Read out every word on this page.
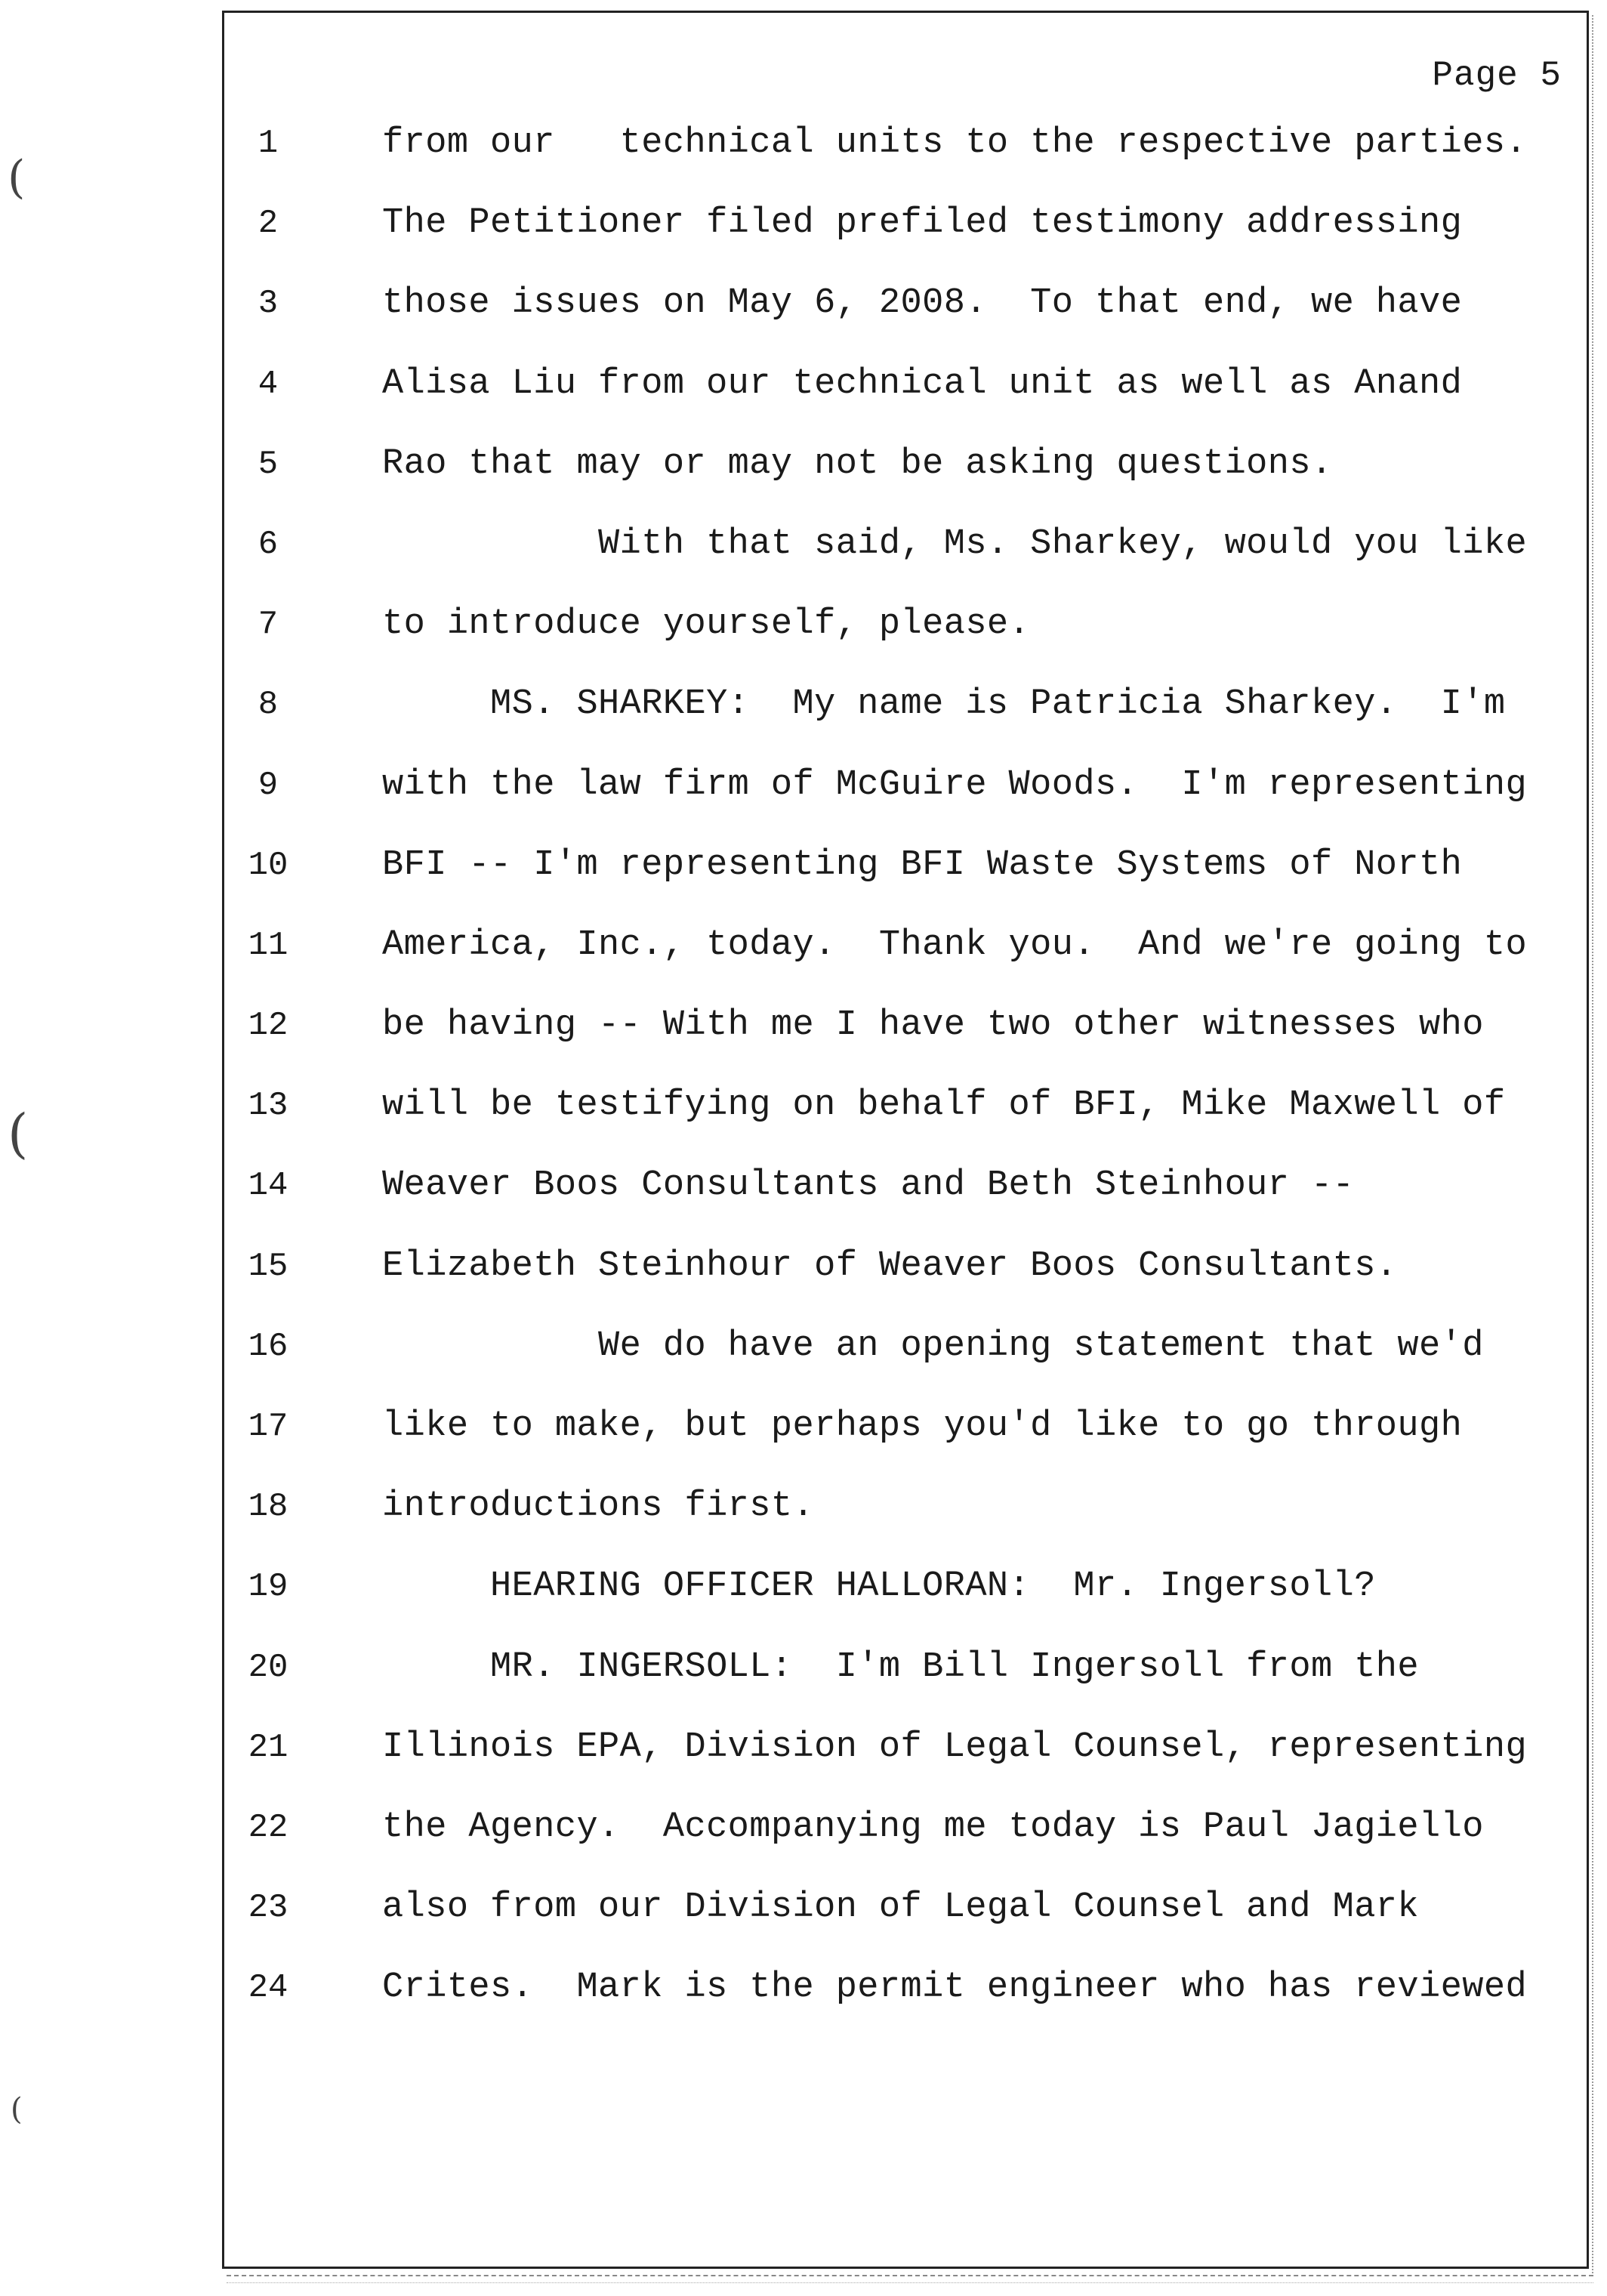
(
(
(
Page 5
1	from our   technical units to the respective parties.
2	The Petitioner filed prefiled testimony addressing
3	those issues on May 6, 2008.  To that end, we have
4	Alisa Liu from our technical unit as well as Anand
5	Rao that may or may not be asking questions.
6	With that said, Ms. Sharkey, would you like
7	to introduce yourself, please.
8	MS. SHARKEY:  My name is Patricia Sharkey.  I'm
9	with the law firm of McGuire Woods.  I'm representing
10	BFI -- I'm representing BFI Waste Systems of North
11	America, Inc., today.  Thank you.  And we're going to
12	be having -- With me I have two other witnesses who
13	will be testifying on behalf of BFI, Mike Maxwell of
14	Weaver Boos Consultants and Beth Steinhour --
15	Elizabeth Steinhour of Weaver Boos Consultants.
16	We do have an opening statement that we'd
17	like to make, but perhaps you'd like to go through
18	introductions first.
19	HEARING OFFICER HALLORAN:  Mr. Ingersoll?
20	MR. INGERSOLL:  I'm Bill Ingersoll from the
21	Illinois EPA, Division of Legal Counsel, representing
22	the Agency.  Accompanying me today is Paul Jagiello
23	also from our Division of Legal Counsel and Mark
24	Crites.  Mark is the permit engineer who has reviewed
